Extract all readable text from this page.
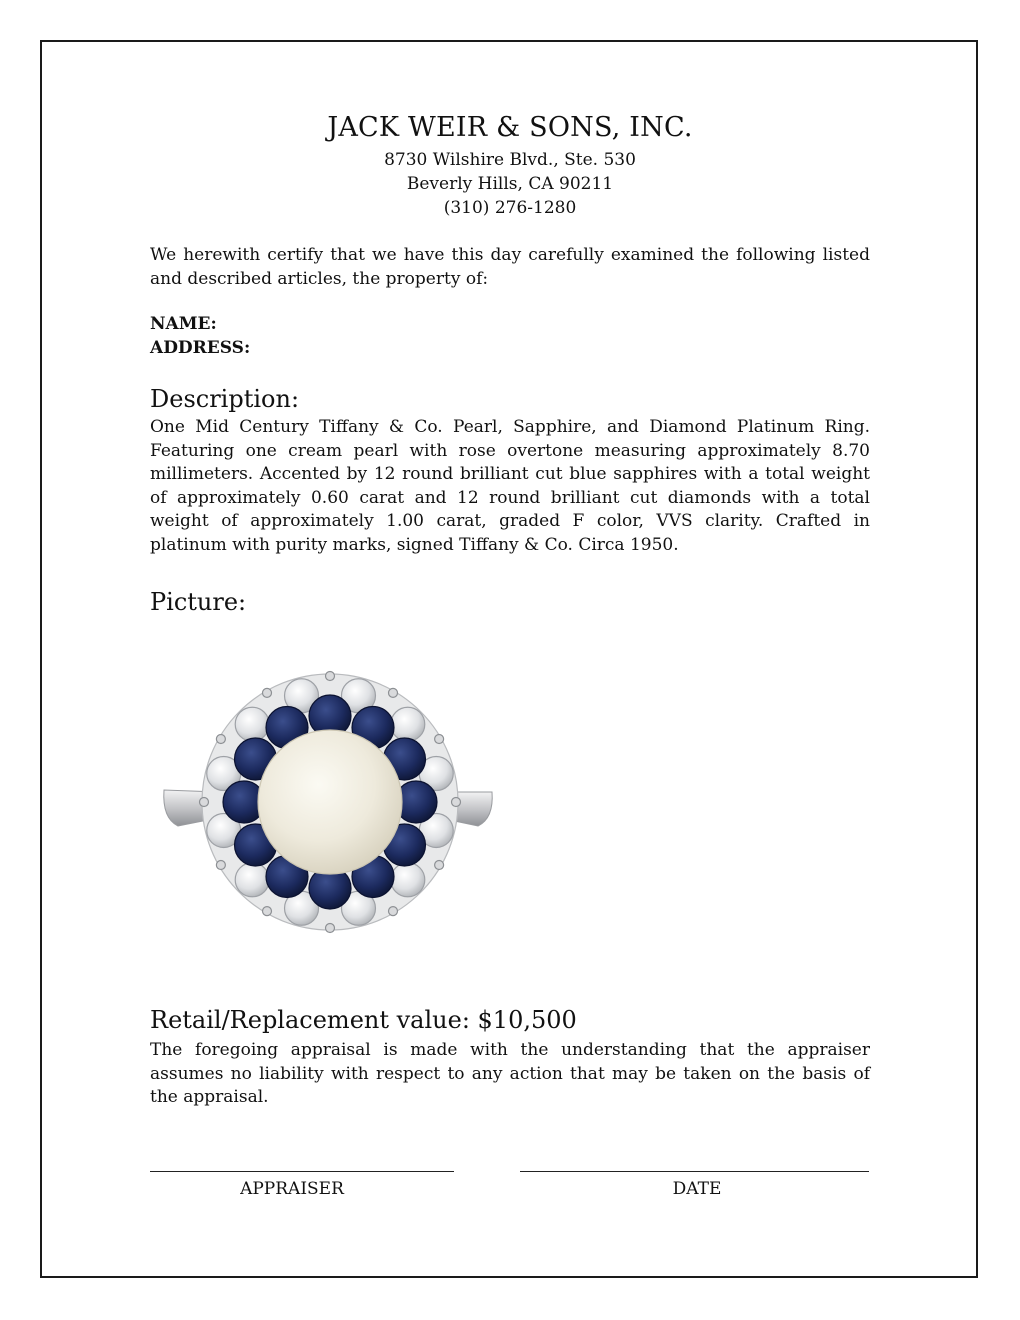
JACK WEIR & SONS, INC.
8730 Wilshire Blvd., Ste. 530
Beverly Hills, CA 90211
(310) 276-1280
We herewith certify that we have this day carefully examined the following listed and described articles, the property of:
NAME:
ADDRESS:
Description:
One Mid Century Tiffany & Co. Pearl, Sapphire, and Diamond Platinum Ring. Featuring one cream pearl with rose overtone measuring approximately 8.70 millimeters. Accented by 12 round brilliant cut blue sapphires with a total weight of approximately 0.60 carat and 12 round brilliant cut diamonds with a total weight of approximately 1.00 carat, graded F color, VVS clarity. Crafted in platinum with purity marks, signed Tiffany & Co. Circa 1950.
Picture:
Retail/Replacement value: $10,500
The foregoing appraisal is made with the understanding that the appraiser assumes no liability with respect to any action that may be taken on the basis of the appraisal.
APPRAISER	DATE
